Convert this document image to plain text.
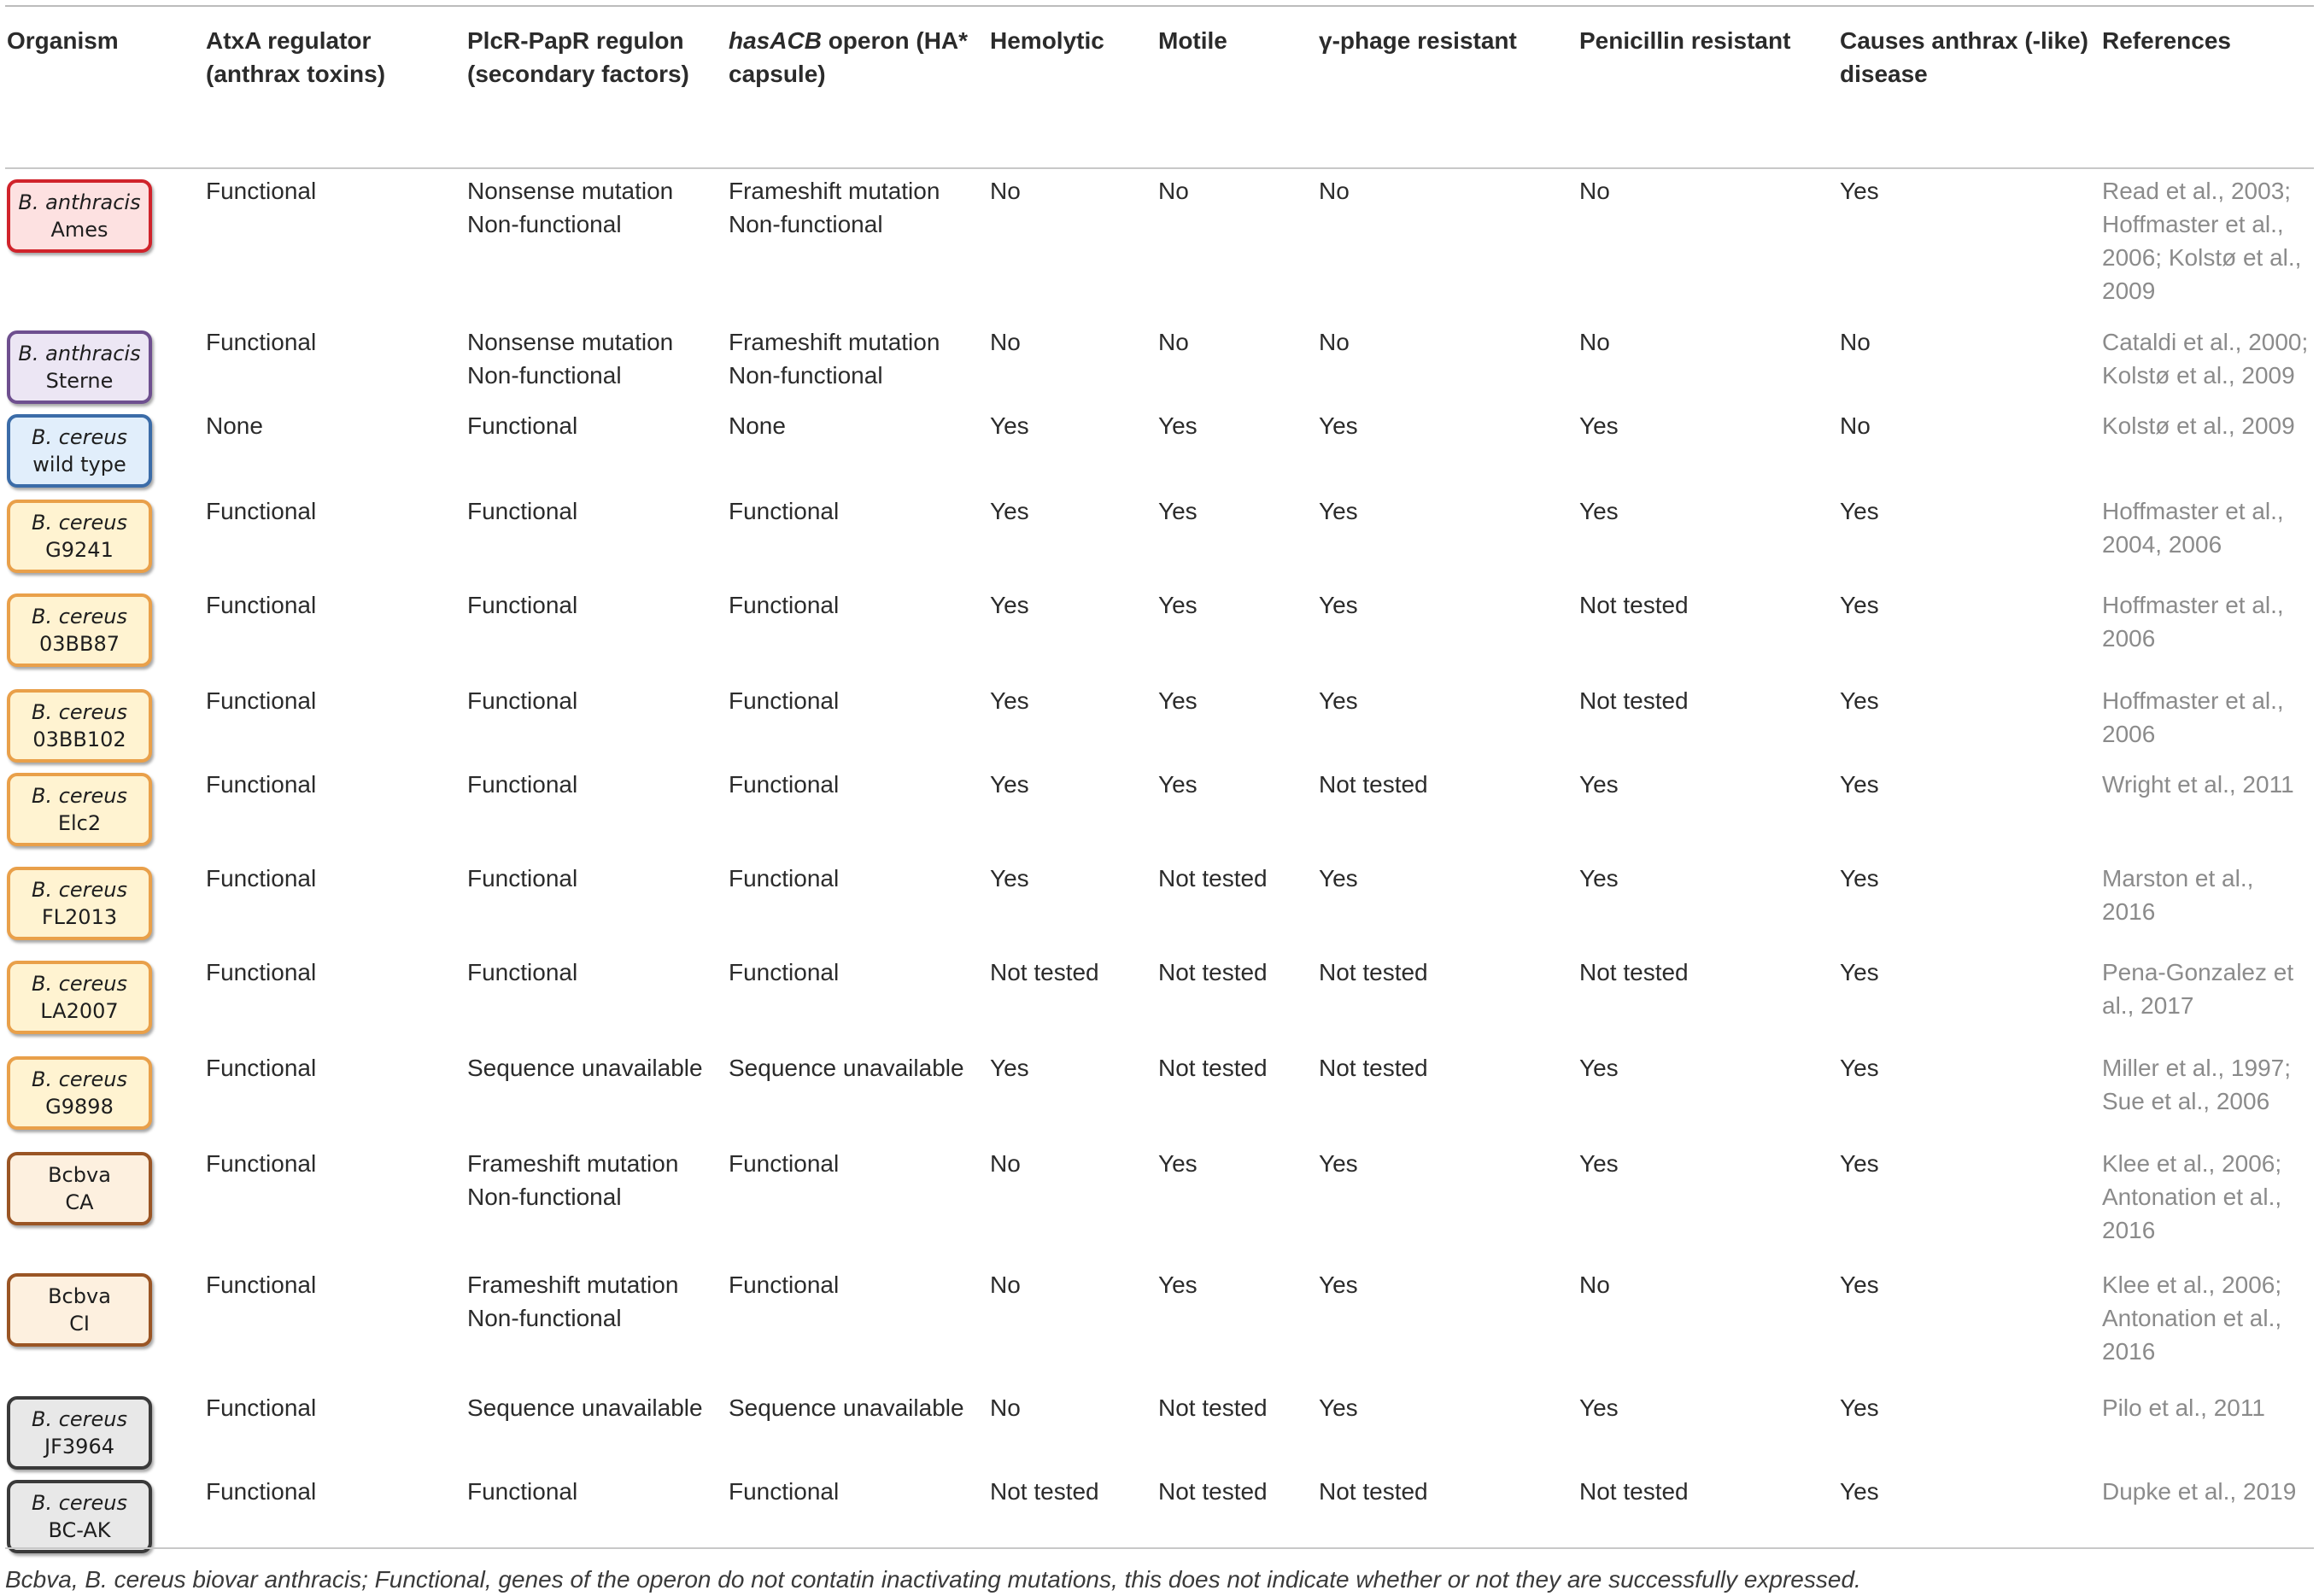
Organism	AtxA regulator (anthrax toxins)	PlcR-PapR regulon (secondary factors)	hasACB operon (HA* capsule)	Hemolytic	Motile	γ-phage resistant	Penicillin resistant	Causes anthrax (-like) disease	References

B. anthracis
Ames	Functional	Nonsense mutation Non-functional	Frameshift mutation Non-functional	No	No	No	No	Yes	Read et al., 2003; Hoffmaster et al., 2006; Kolstø et al., 2009

B. anthracis
Sterne	Functional	Nonsense mutation Non-functional	Frameshift mutation Non-functional	No	No	No	No	No	Cataldi et al., 2000; Kolstø et al., 2009

B. cereus
wild type	None	Functional	None	Yes	Yes	Yes	Yes	No	Kolstø et al., 2009

B. cereus
G9241	Functional	Functional	Functional	Yes	Yes	Yes	Yes	Yes	Hoffmaster et al., 2004, 2006

B. cereus
03BB87	Functional	Functional	Functional	Yes	Yes	Yes	Not tested	Yes	Hoffmaster et al., 2006

B. cereus
03BB102	Functional	Functional	Functional	Yes	Yes	Yes	Not tested	Yes	Hoffmaster et al., 2006

B. cereus
Elc2	Functional	Functional	Functional	Yes	Yes	Not tested	Yes	Yes	Wright et al., 2011

B. cereus
FL2013	Functional	Functional	Functional	Yes	Not tested	Yes	Yes	Yes	Marston et al., 2016

B. cereus
LA2007	Functional	Functional	Functional	Not tested	Not tested	Not tested	Not tested	Yes	Pena-Gonzalez et al., 2017

B. cereus
G9898	Functional	Sequence unavailable	Sequence unavailable	Yes	Not tested	Not tested	Yes	Yes	Miller et al., 1997; Sue et al., 2006

Bcbva
CA	Functional	Frameshift mutation Non-functional	Functional	No	Yes	Yes	Yes	Yes	Klee et al., 2006; Antonation et al., 2016

Bcbva
CI	Functional	Frameshift mutation Non-functional	Functional	No	Yes	Yes	No	Yes	Klee et al., 2006; Antonation et al., 2016

B. cereus
JF3964	Functional	Sequence unavailable	Sequence unavailable	No	Not tested	Yes	Yes	Yes	Pilo et al., 2011

B. cereus
BC-AK	Functional	Functional	Functional	Not tested	Not tested	Not tested	Not tested	Yes	Dupke et al., 2019
Bcbva, B. cereus biovar anthracis; Functional, genes of the operon do not contatin inactivating mutations, this does not indicate whether or not they are successfully expressed.
